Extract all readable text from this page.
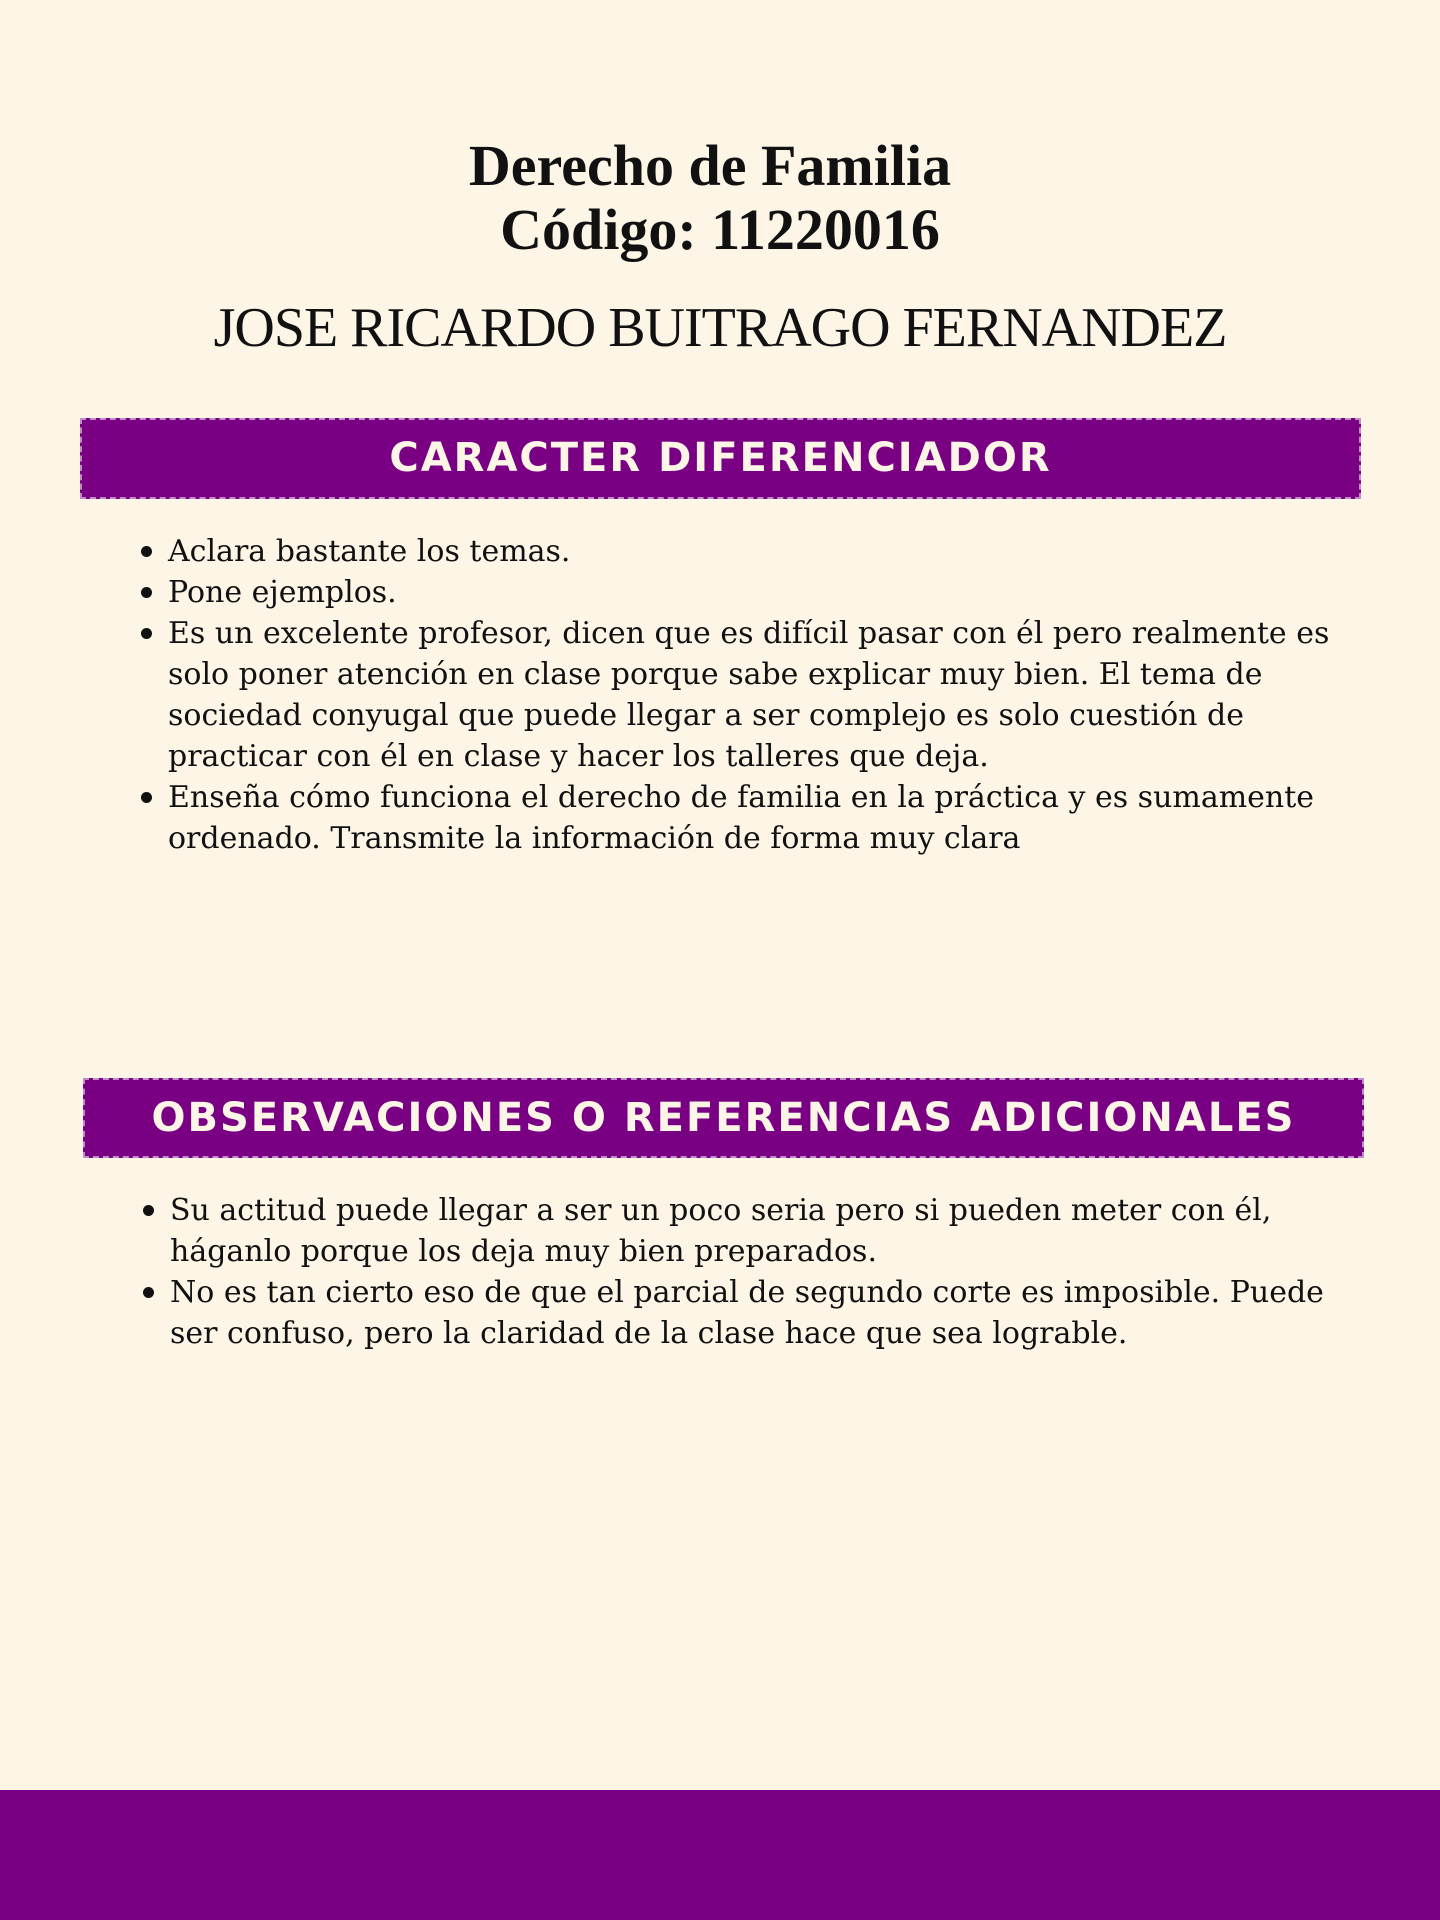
Derecho de Familia
Código: 11220016
JOSE RICARDO BUITRAGO FERNANDEZ
CARACTER DIFERENCIADOR
Aclara bastante los temas.
Pone ejemplos.
Es un excelente profesor, dicen que es difícil pasar con él pero realmente es solo poner atención en clase porque sabe explicar muy bien. El tema de sociedad conyugal que puede llegar a ser complejo es solo cuestión de practicar con él en clase y hacer los talleres que deja.
Enseña cómo funciona el derecho de familia en la práctica y es sumamente ordenado. Transmite la información de forma muy clara
OBSERVACIONES O REFERENCIAS ADICIONALES
Su actitud puede llegar a ser un poco seria pero si pueden meter con él, háganlo porque los deja muy bien preparados.
No es tan cierto eso de que el parcial de segundo corte es imposible. Puede ser confuso, pero la claridad de la clase hace que sea lograble.
